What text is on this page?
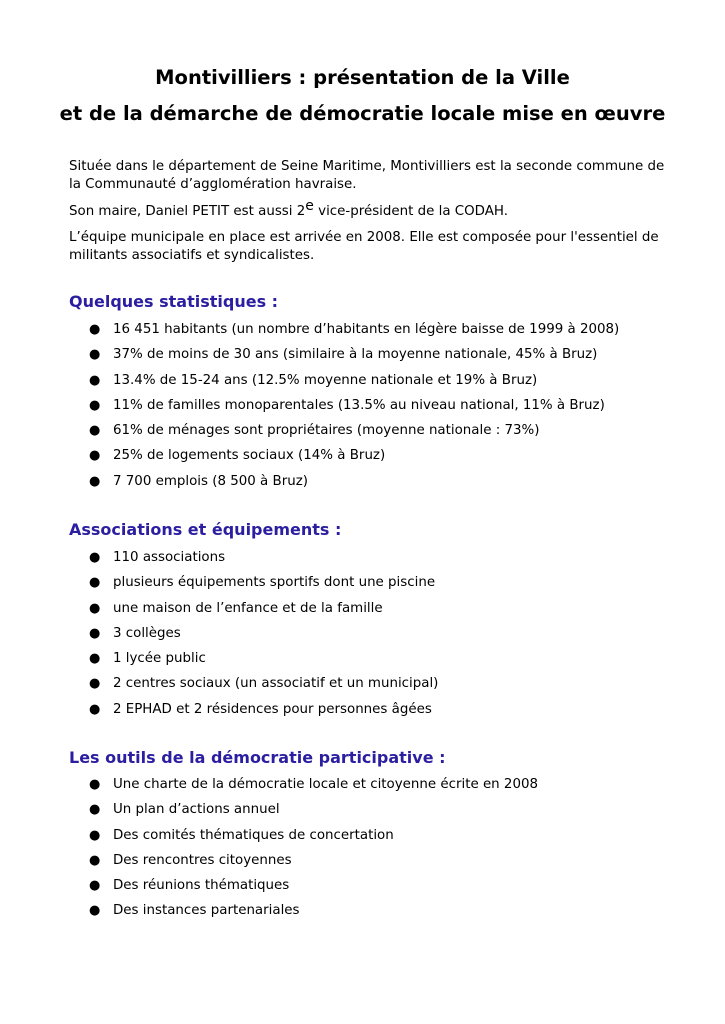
Montivilliers : présentation de la Ville
et de la démarche de démocratie locale mise en œuvre

Située dans le département de Seine Maritime, Montivilliers est la seconde commune de la Communauté d’agglomération havraise.

Son maire, Daniel PETIT est aussi 2e vice-président de la CODAH.

L’équipe municipale en place est arrivée en 2008. Elle est composée pour l'essentiel de militants associatifs et syndicalistes.

Quelques statistiques :
● 16 451 habitants (un nombre d’habitants en légère baisse de 1999 à 2008)
● 37% de moins de 30 ans (similaire à la moyenne nationale, 45% à Bruz)
● 13.4% de 15-24 ans (12.5% moyenne nationale et 19% à Bruz)
● 11% de familles monoparentales (13.5% au niveau national, 11% à Bruz)
● 61% de ménages sont propriétaires (moyenne nationale : 73%)
● 25% de logements sociaux (14% à Bruz)
● 7 700 emplois (8 500 à Bruz)
Associations et équipements :
● 110 associations
● plusieurs équipements sportifs dont une piscine
● une maison de l’enfance et de la famille
● 3 collèges
● 1 lycée public
● 2 centres sociaux (un associatif et un municipal)
● 2 EPHAD et 2 résidences pour personnes âgées
Les outils de la démocratie participative :
● Une charte de la démocratie locale et citoyenne écrite en 2008
● Un plan d’actions annuel
● Des comités thématiques de concertation
● Des rencontres citoyennes
● Des réunions thématiques
● Des instances partenariales
